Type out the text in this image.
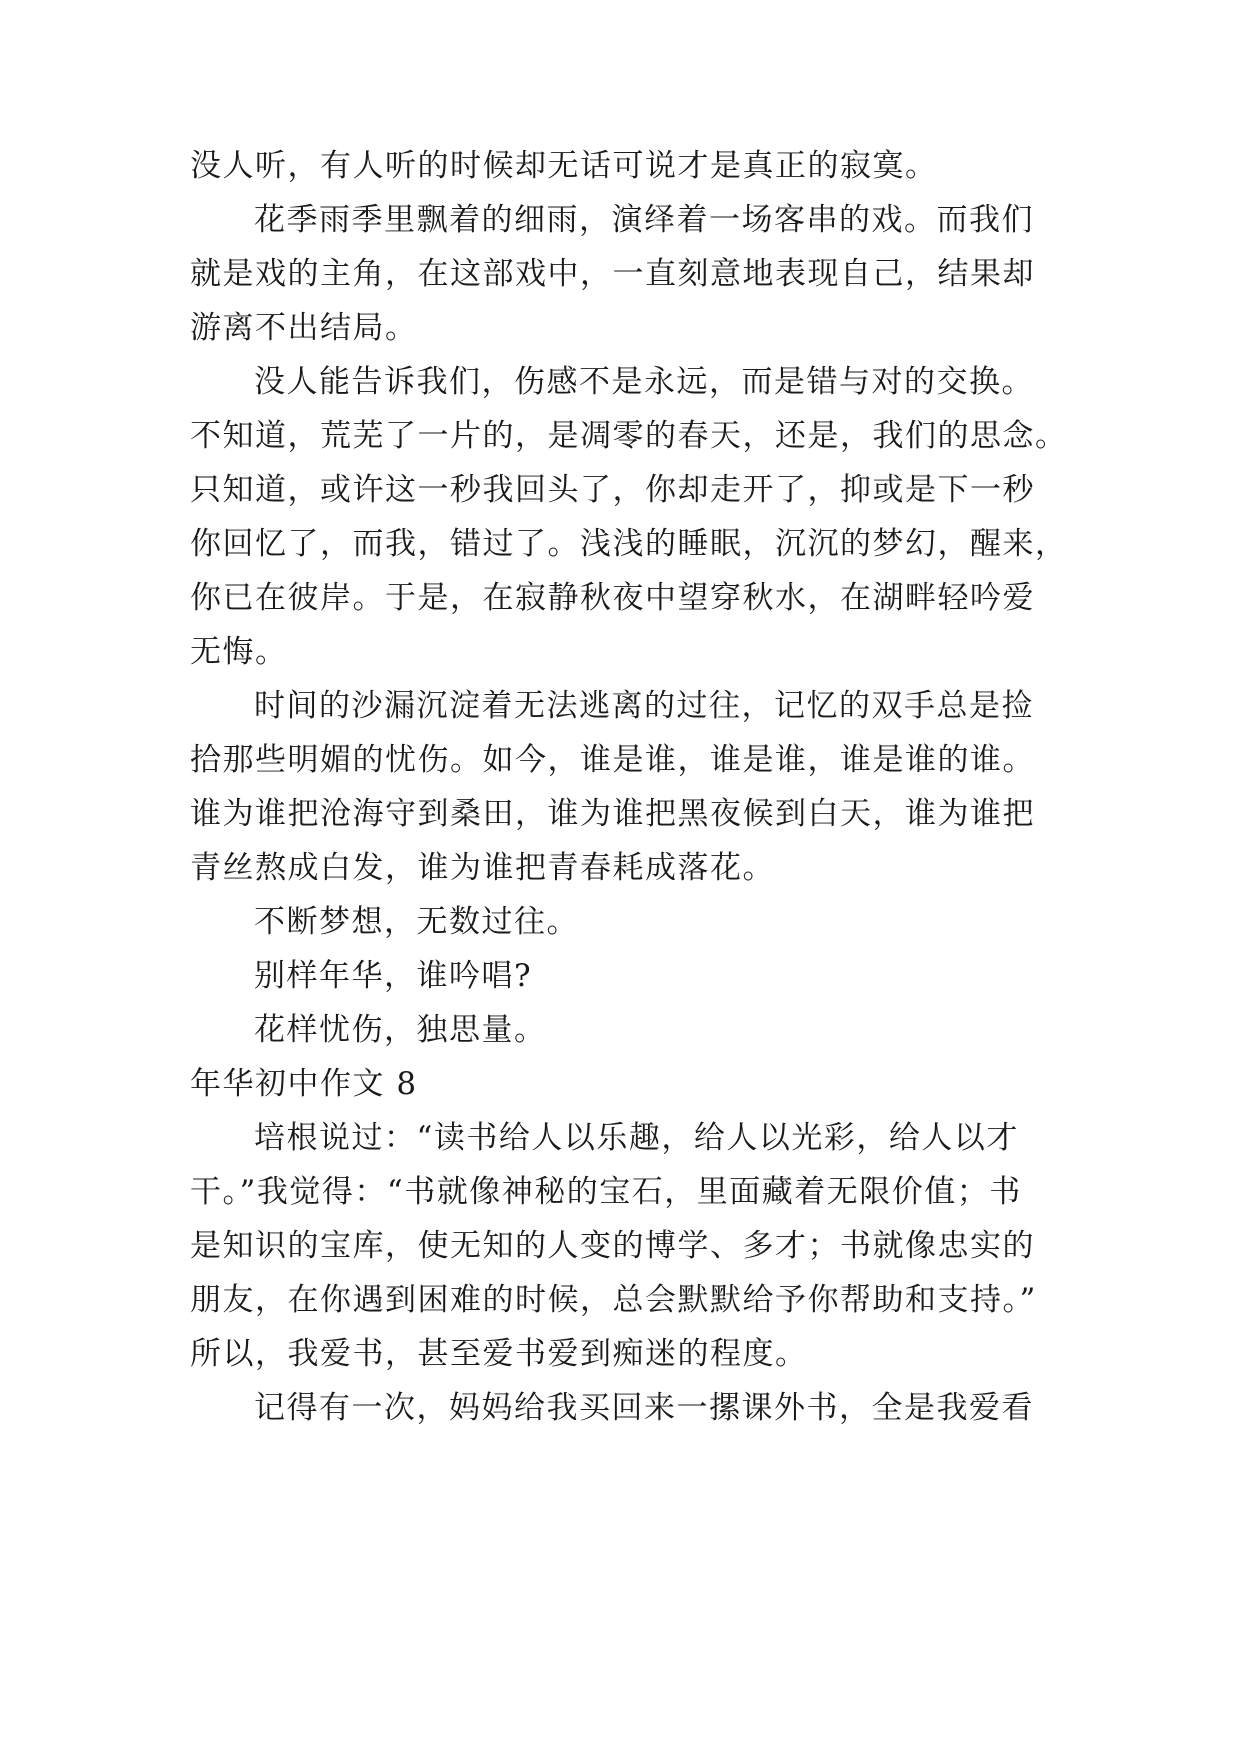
没人听，有人听的时候却无话可说才是真正的寂寞。

花季雨季里飘着的细雨，演绎着一场客串的戏。而我们

就是戏的主角，在这部戏中，一直刻意地表现自己，结果却

游离不出结局。

没人能告诉我们，伤感不是永远，而是错与对的交换。

不知道，荒芜了一片的，是凋零的春天，还是，我们的思念。

只知道，或许这一秒我回头了，你却走开了，抑或是下一秒

你回忆了，而我，错过了。浅浅的睡眠，沉沉的梦幻，醒来，

你已在彼岸。于是，在寂静秋夜中望穿秋水，在湖畔轻吟爱

无悔。

时间的沙漏沉淀着无法逃离的过往，记忆的双手总是捡

拾那些明媚的忧伤。如今，谁是谁，谁是谁，谁是谁的谁。

谁为谁把沧海守到桑田，谁为谁把黑夜候到白天，谁为谁把

青丝熬成白发，谁为谁把青春耗成落花。

不断梦想，无数过往。

别样年华，谁吟唱?

花样忧伤，独思量。

年华初中作文 8

培根说过：“读书给人以乐趣，给人以光彩，给人以才

干。”我觉得：“书就像神秘的宝石，里面藏着无限价值；书

是知识的宝库，使无知的人变的博学、多才；书就像忠实的

朋友，在你遇到困难的时候，总会默默给予你帮助和支持。”

所以，我爱书，甚至爱书爱到痴迷的程度。

记得有一次，妈妈给我买回来一摞课外书，全是我爱看
